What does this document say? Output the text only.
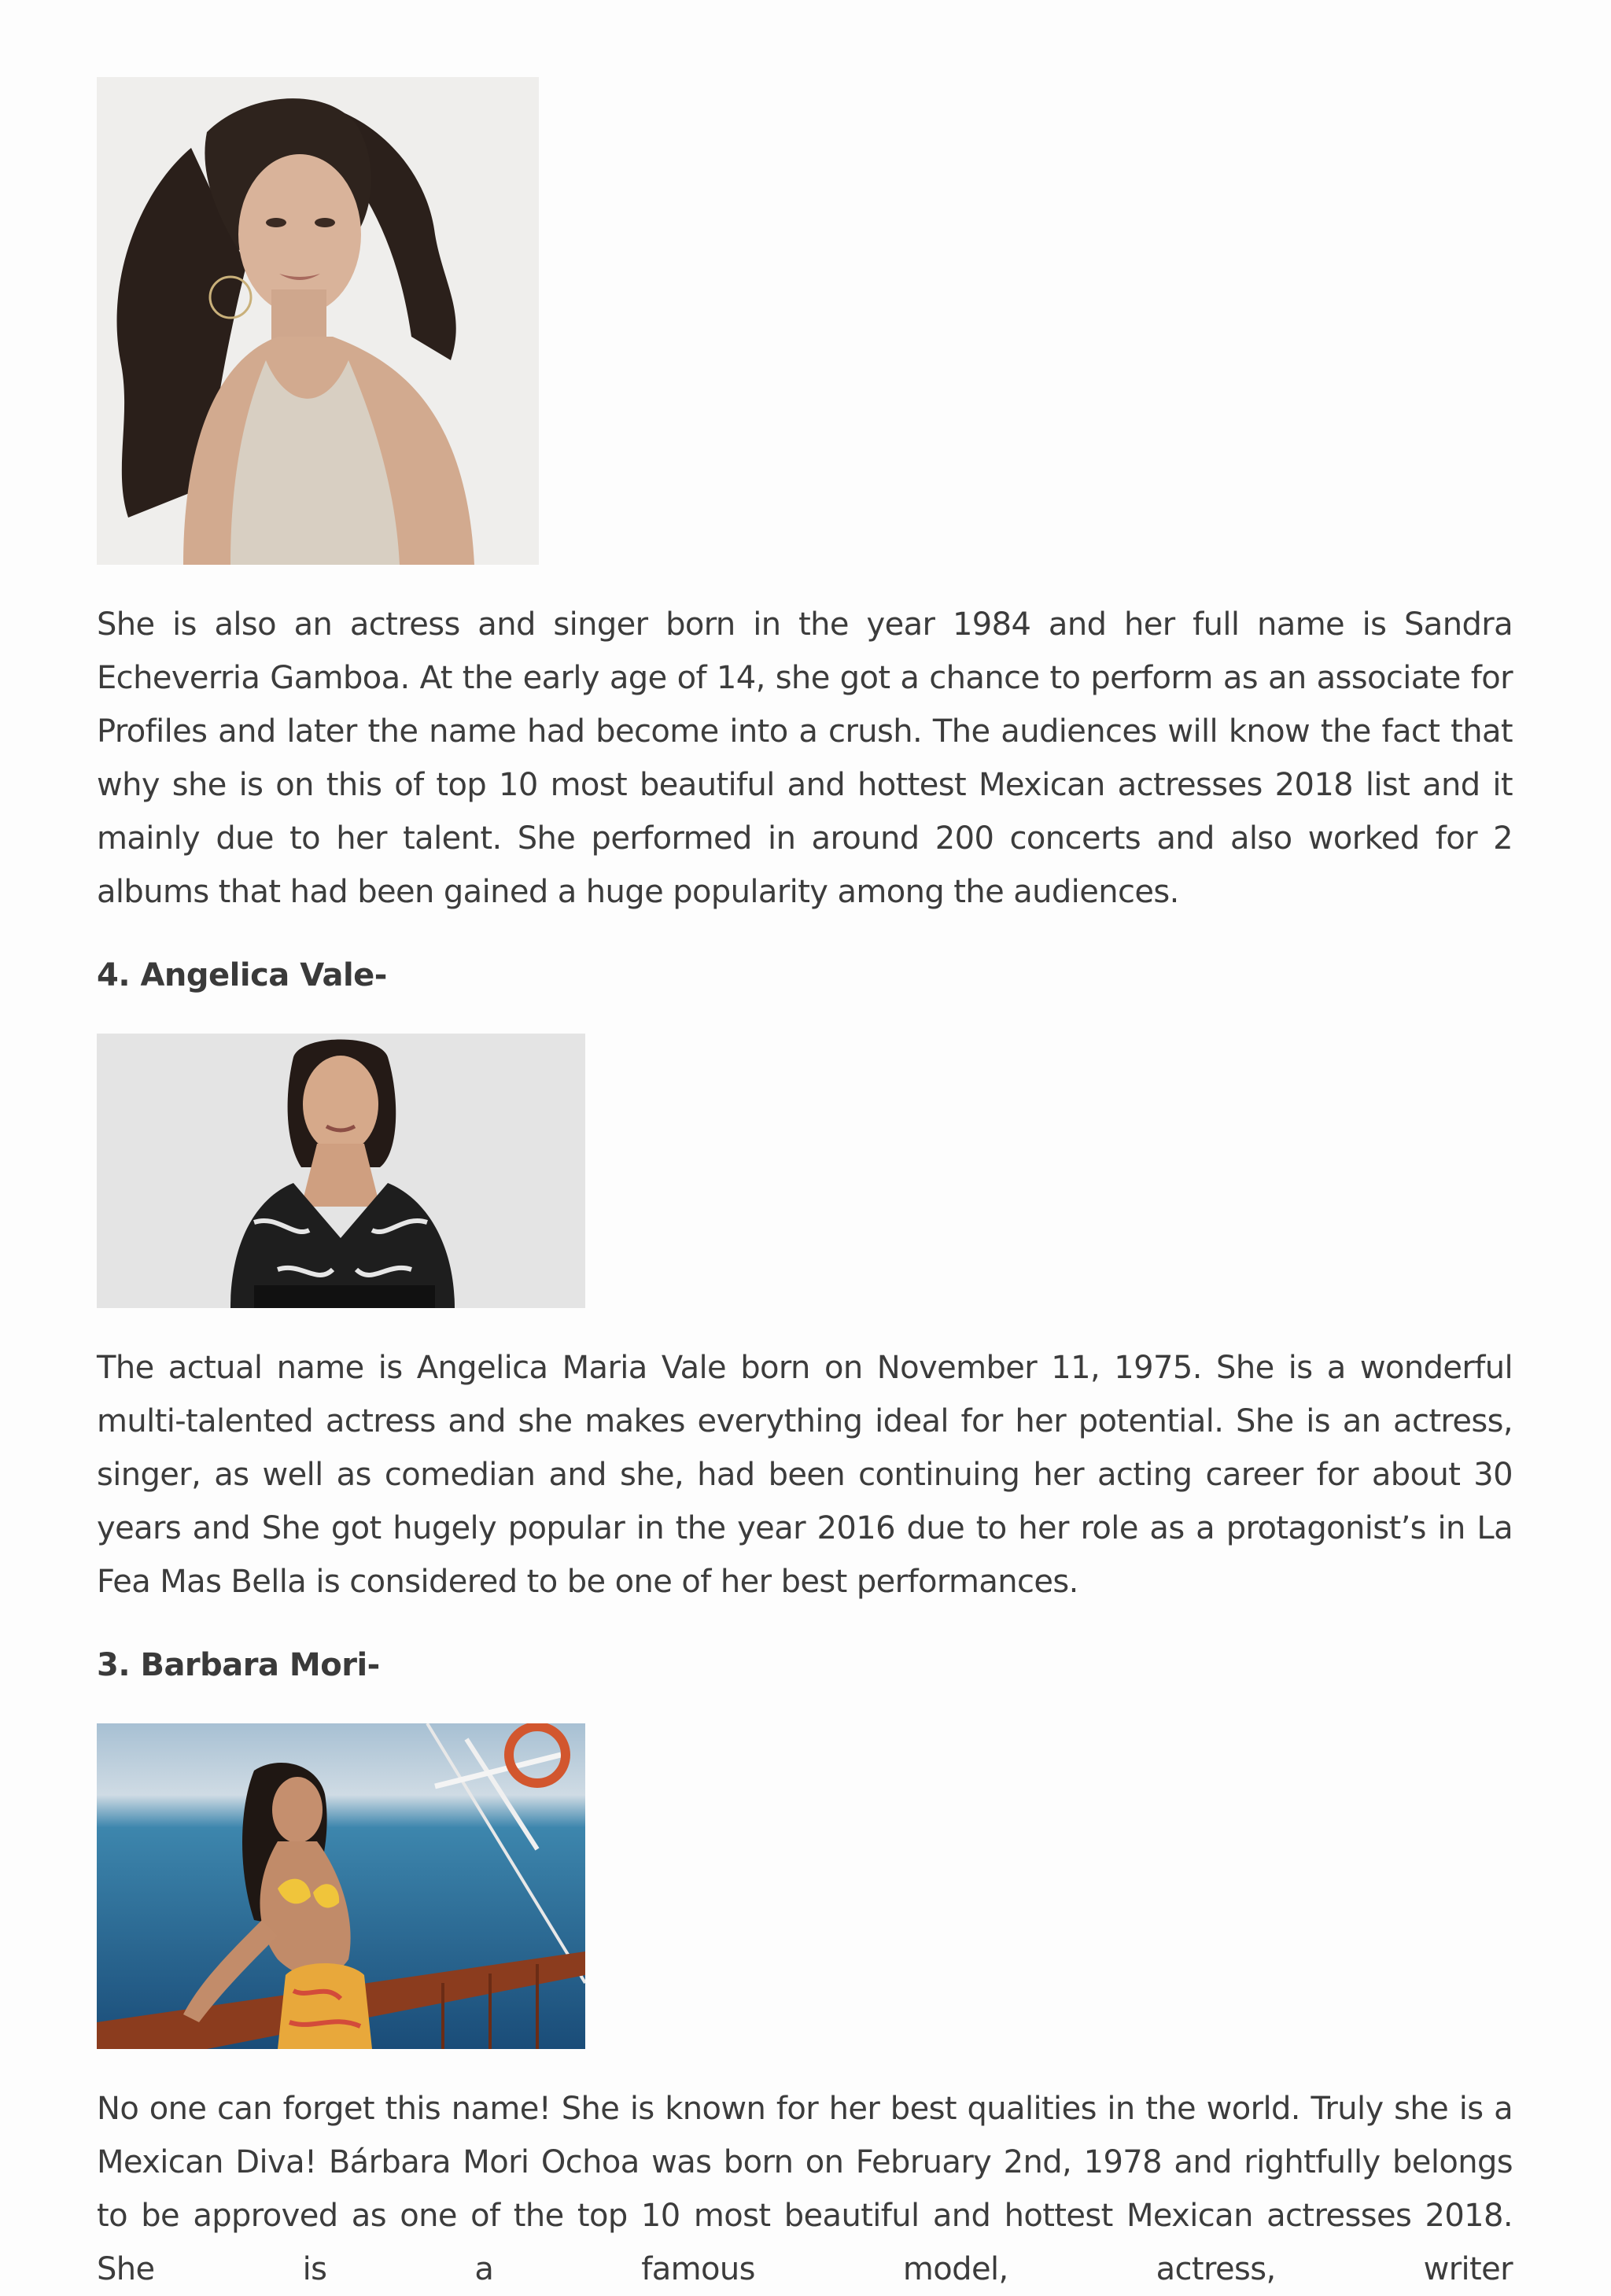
She is also an actress and singer born in the year 1984 and her full name is Sandra Echeverria Gamboa. At the early age of 14, she got a chance to perform as an associate for Profiles and later the name had become into a crush. The audiences will know the fact that why she is on this of top 10 most beautiful and hottest Mexican actresses 2018 list and it mainly due to her talent. She performed in around 200 concerts and also worked for 2 albums that had been gained a huge popularity among the audiences.

4. Angelica Vale-

The actual name is Angelica Maria Vale born on November 11, 1975. She is a wonderful multi-talented actress and she makes everything ideal for her potential. She is an actress, singer, as well as comedian and she, had been continuing her acting career for about 30 years and She got hugely popular in the year 2016 due to her role as a protagonist’s in La Fea Mas Bella is considered to be one of her best performances.

3. Barbara Mori-

No one can forget this name! She is known for her best qualities in the world. Truly she is a Mexican Diva! Bárbara Mori Ochoa was born on February 2nd, 1978 and rightfully belongs to be approved as one of the top 10 most beautiful and hottest Mexican actresses 2018. She is a famous model, actress, writer
